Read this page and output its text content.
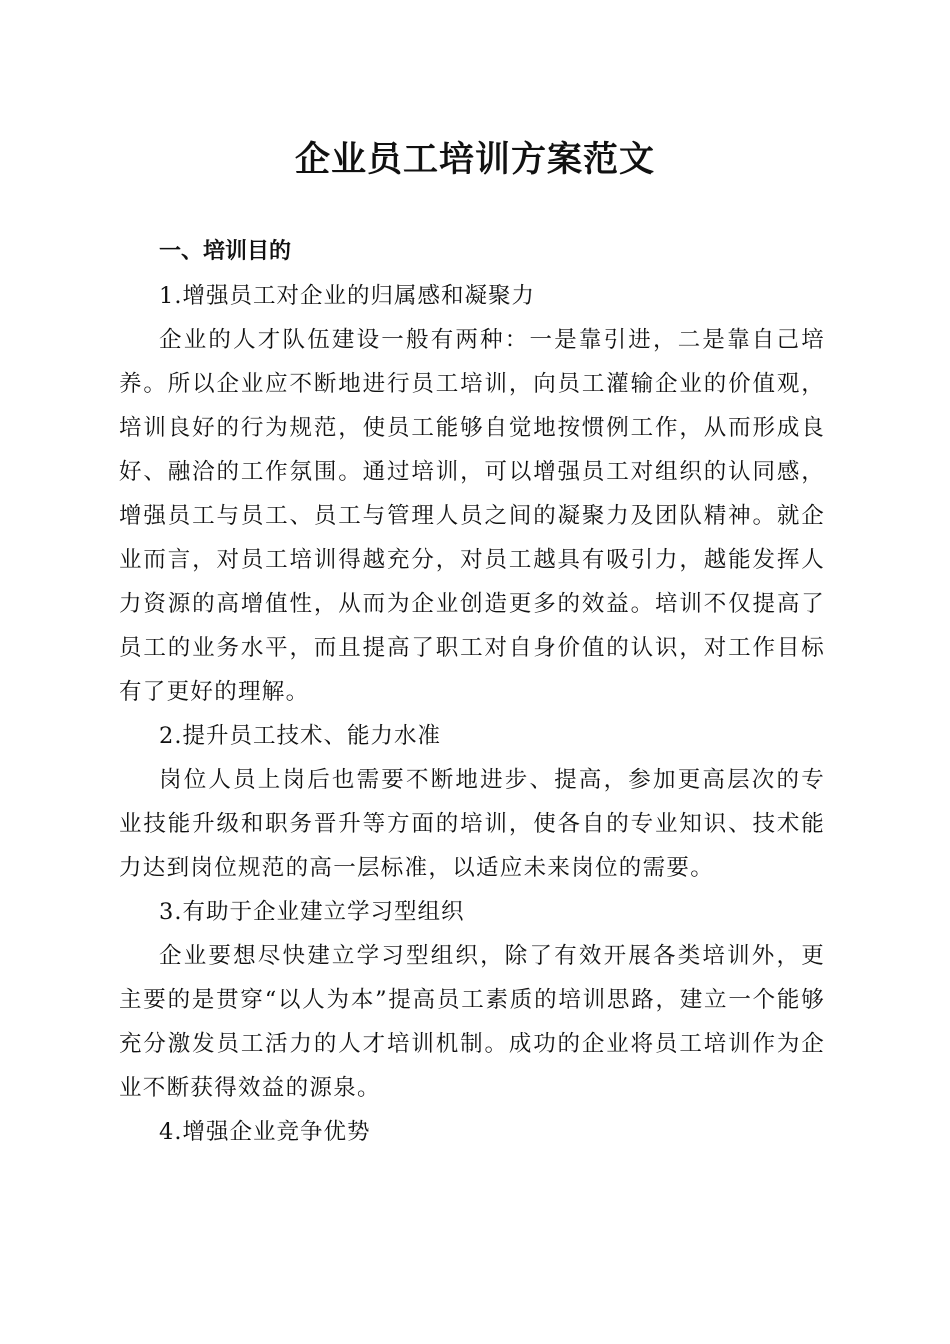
企业员工培训方案范文

一、培训目的

1.增强员工对企业的归属感和凝聚力

企业的人才队伍建设一般有两种：一是靠引进，二是靠自己培养。所以企业应不断地进行员工培训，向员工灌输企业的价值观，培训良好的行为规范，使员工能够自觉地按惯例工作，从而形成良好、融洽的工作氛围。通过培训，可以增强员工对组织的认同感，增强员工与员工、员工与管理人员之间的凝聚力及团队精神。就企业而言，对员工培训得越充分，对员工越具有吸引力，越能发挥人力资源的高增值性，从而为企业创造更多的效益。培训不仅提高了员工的业务水平，而且提高了职工对自身价值的认识，对工作目标有了更好的理解。

2.提升员工技术、能力水准

岗位人员上岗后也需要不断地进步、提高，参加更高层次的专业技能升级和职务晋升等方面的培训，使各自的专业知识、技术能力达到岗位规范的高一层标准，以适应未来岗位的需要。

3.有助于企业建立学习型组织

企业要想尽快建立学习型组织，除了有效开展各类培训外，更主要的是贯穿“以人为本”提高员工素质的培训思路，建立一个能够充分激发员工活力的人才培训机制。成功的企业将员工培训作为企业不断获得效益的源泉。

4.增强企业竞争优势
